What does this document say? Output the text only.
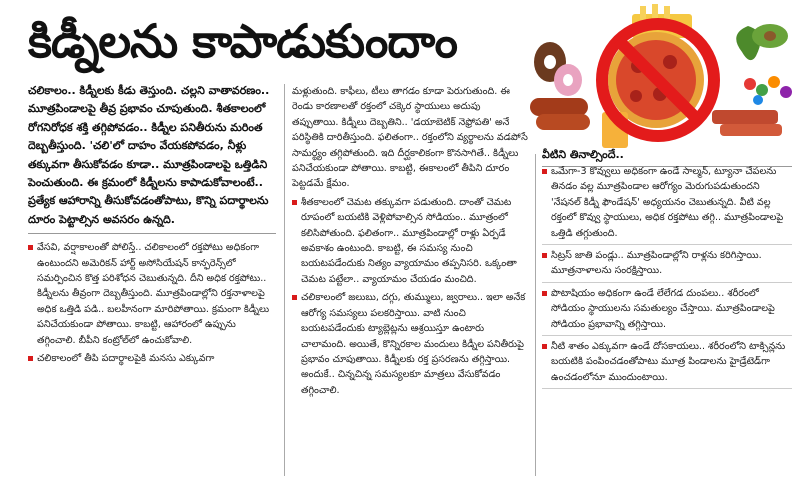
కిడ్నీలను కాపాడుకుందాం
చలికాలం.. కిడ్నీలకు కీడు తెస్తుంది. చల్లని వాతావరణం.. మూత్రపిండాలపై తీవ్ర ప్రభావం చూపుతుంది. శీతకాలంలో రోగనిరోధక శక్తి తగ్గిపోవడం.. కిడ్నీల పనితీరును మరింత దెబ్బతీస్తుంది. 'చలి'లో దాహం వేయకపోవడం, నీళ్లు తక్కువగా తీసుకోవడం కూడా.. మూత్రపిండాలపై ఒత్తిడిని పెంచుతుంది. ఈ క్రమంలో కిడ్నీలను కాపాడుకోవాలంటే.. ప్రత్యేక ఆహారాన్ని తీసుకోవడంతోపాటు, కొన్ని పదార్థాలను దూరం పెట్టాల్సిన అవసరం ఉన్నది.

వేసవి, వర్షాకాలంతో పోలిస్తే.. చలికాలంలో రక్తపోటు అధికంగా ఉంటుందని అమెరికన్ హార్ట్ అసోసియేషన్ కాన్ఫరెన్స్‌లో సమర్పించిన కొత్త పరిశోధన చెబుతున్నది. దీని అధిక రక్తపోటు.. కిడ్నీలను తీవ్రంగా దెబ్బతీస్తుంది. మూత్రపిండాల్లోని రక్తనాళాలపై అధిక ఒత్తిడి పడి.. బలహీనంగా మారిపోతాయి. క్రమంగా కిడ్నీలు పనిచేయకుండా పోతాయి. కాబట్టి, ఆహారంలో ఉప్పును తగ్గించాలి. బీపీని కంట్రోల్‌లో ఉంచుకోవాలి.

చలికాలంలో తీపి పదార్థాలపైకి మనసు ఎక్కువగా

మళ్లుతుంది. కాఫీలు, టీలు తాగడం కూడా పెరుగుతుంది. ఈ రెండు కారణాలతో రక్తంలో చక్కెర స్థాయులు అదుపు తప్పుతాయి. కిడ్నీలు దెబ్బతిని.. 'డయాబెటిక్ నెఫ్రోపతి' అనే పరిస్థితికి దారితీస్తుంది. ఫలితంగా.. రక్తంలోని వ్యర్థాలను వడపోసే సామర్థ్యం తగ్గిపోతుంది. ఇది దీర్ఘకాలికంగా కొనసాగితే.. కిడ్నీలు పనిచేయకుండా పోతాయి. కాబట్టి, ఈకాలంలో తీపిని దూరం పెట్టడమే క్షేమం.

శీతకాలంలో చెమట తక్కువగా పడుతుంది. దాంతో చెమట రూపంలో బయటికి వెళ్లిపోవాల్సిన సోడియం.. మూత్రంలో కలిసిపోతుంది. ఫలితంగా.. మూత్రపిండాల్లో రాళ్లు ఏర్పడే అవకాశం ఉంటుంది. కాబట్టి, ఈ సమస్య నుంచి బయటపడేందుకు నిత్యం వ్యాయామం తప్పనిసరి. ఒక్కంతా చెమట పట్టేలా.. వ్యాయామం చేయడం మంచిది.

చలికాలంలో జలుబు, దగ్గు, తుమ్ములు, జ్వరాలు.. ఇలా అనేక ఆరోగ్య సమస్యలు పలకరిస్తాయి. వాటి నుంచి బయటపడేందుకు ట్యాబ్లెట్లను ఆశ్రయిస్తూ ఉంటారు చాలామంది. అయితే, కొన్నిరకాల మందులు కిడ్నీల పనితీరుపై ప్రభావం చూపుతాయి. కిడ్నీలకు రక్త ప్రసరణను తగ్గిస్తాయి. అందుకే.. చిన్నచిన్న సమస్యలకూ మాత్రలు వేసుకోవడం తగ్గించాలి.

వీటిని తినాల్సిందే..

ఒమేగా-3 కొవ్వులు అధికంగా ఉండే సాల్మన్, ట్యూనా చేపలను తినడం వల్ల మూత్రపిండాల ఆరోగ్యం మెరుగుపడుతుందని 'నేషనల్ కిడ్నీ ఫౌండేషన్' అధ్యయనం చెబుతున్నది. వీటి వల్ల రక్తంలో కొవ్వు స్థాయులు, అధిక రక్తపోటు తగ్గి.. మూత్రపిండాలపై ఒత్తిడి తగ్గుతుంది.

సిట్రస్ జాతి పండ్లు.. మూత్రపిండాల్లోని రాళ్లను కరిగిస్తాయి. మూత్రనాళాలను సంరక్షిస్తాయి.

పొటాషియం అధికంగా ఉండే లేలేగడ దుంపలు.. శరీరంలో సోడియం స్థాయులను సమతుల్యం చేస్తాయి. మూత్రపిండాలపై సోడియం ప్రభావాన్ని తగ్గిస్తాయి.

నీటి శాతం ఎక్కువగా ఉండే దోసకాయలు.. శరీరంలోని టాక్సిన్లను బయటికి పంపించడంతోపాటు మూత్ర పిండాలను హైడ్రేటెడ్‌గా ఉంచడంలోనూ ముందుంటాయి.
